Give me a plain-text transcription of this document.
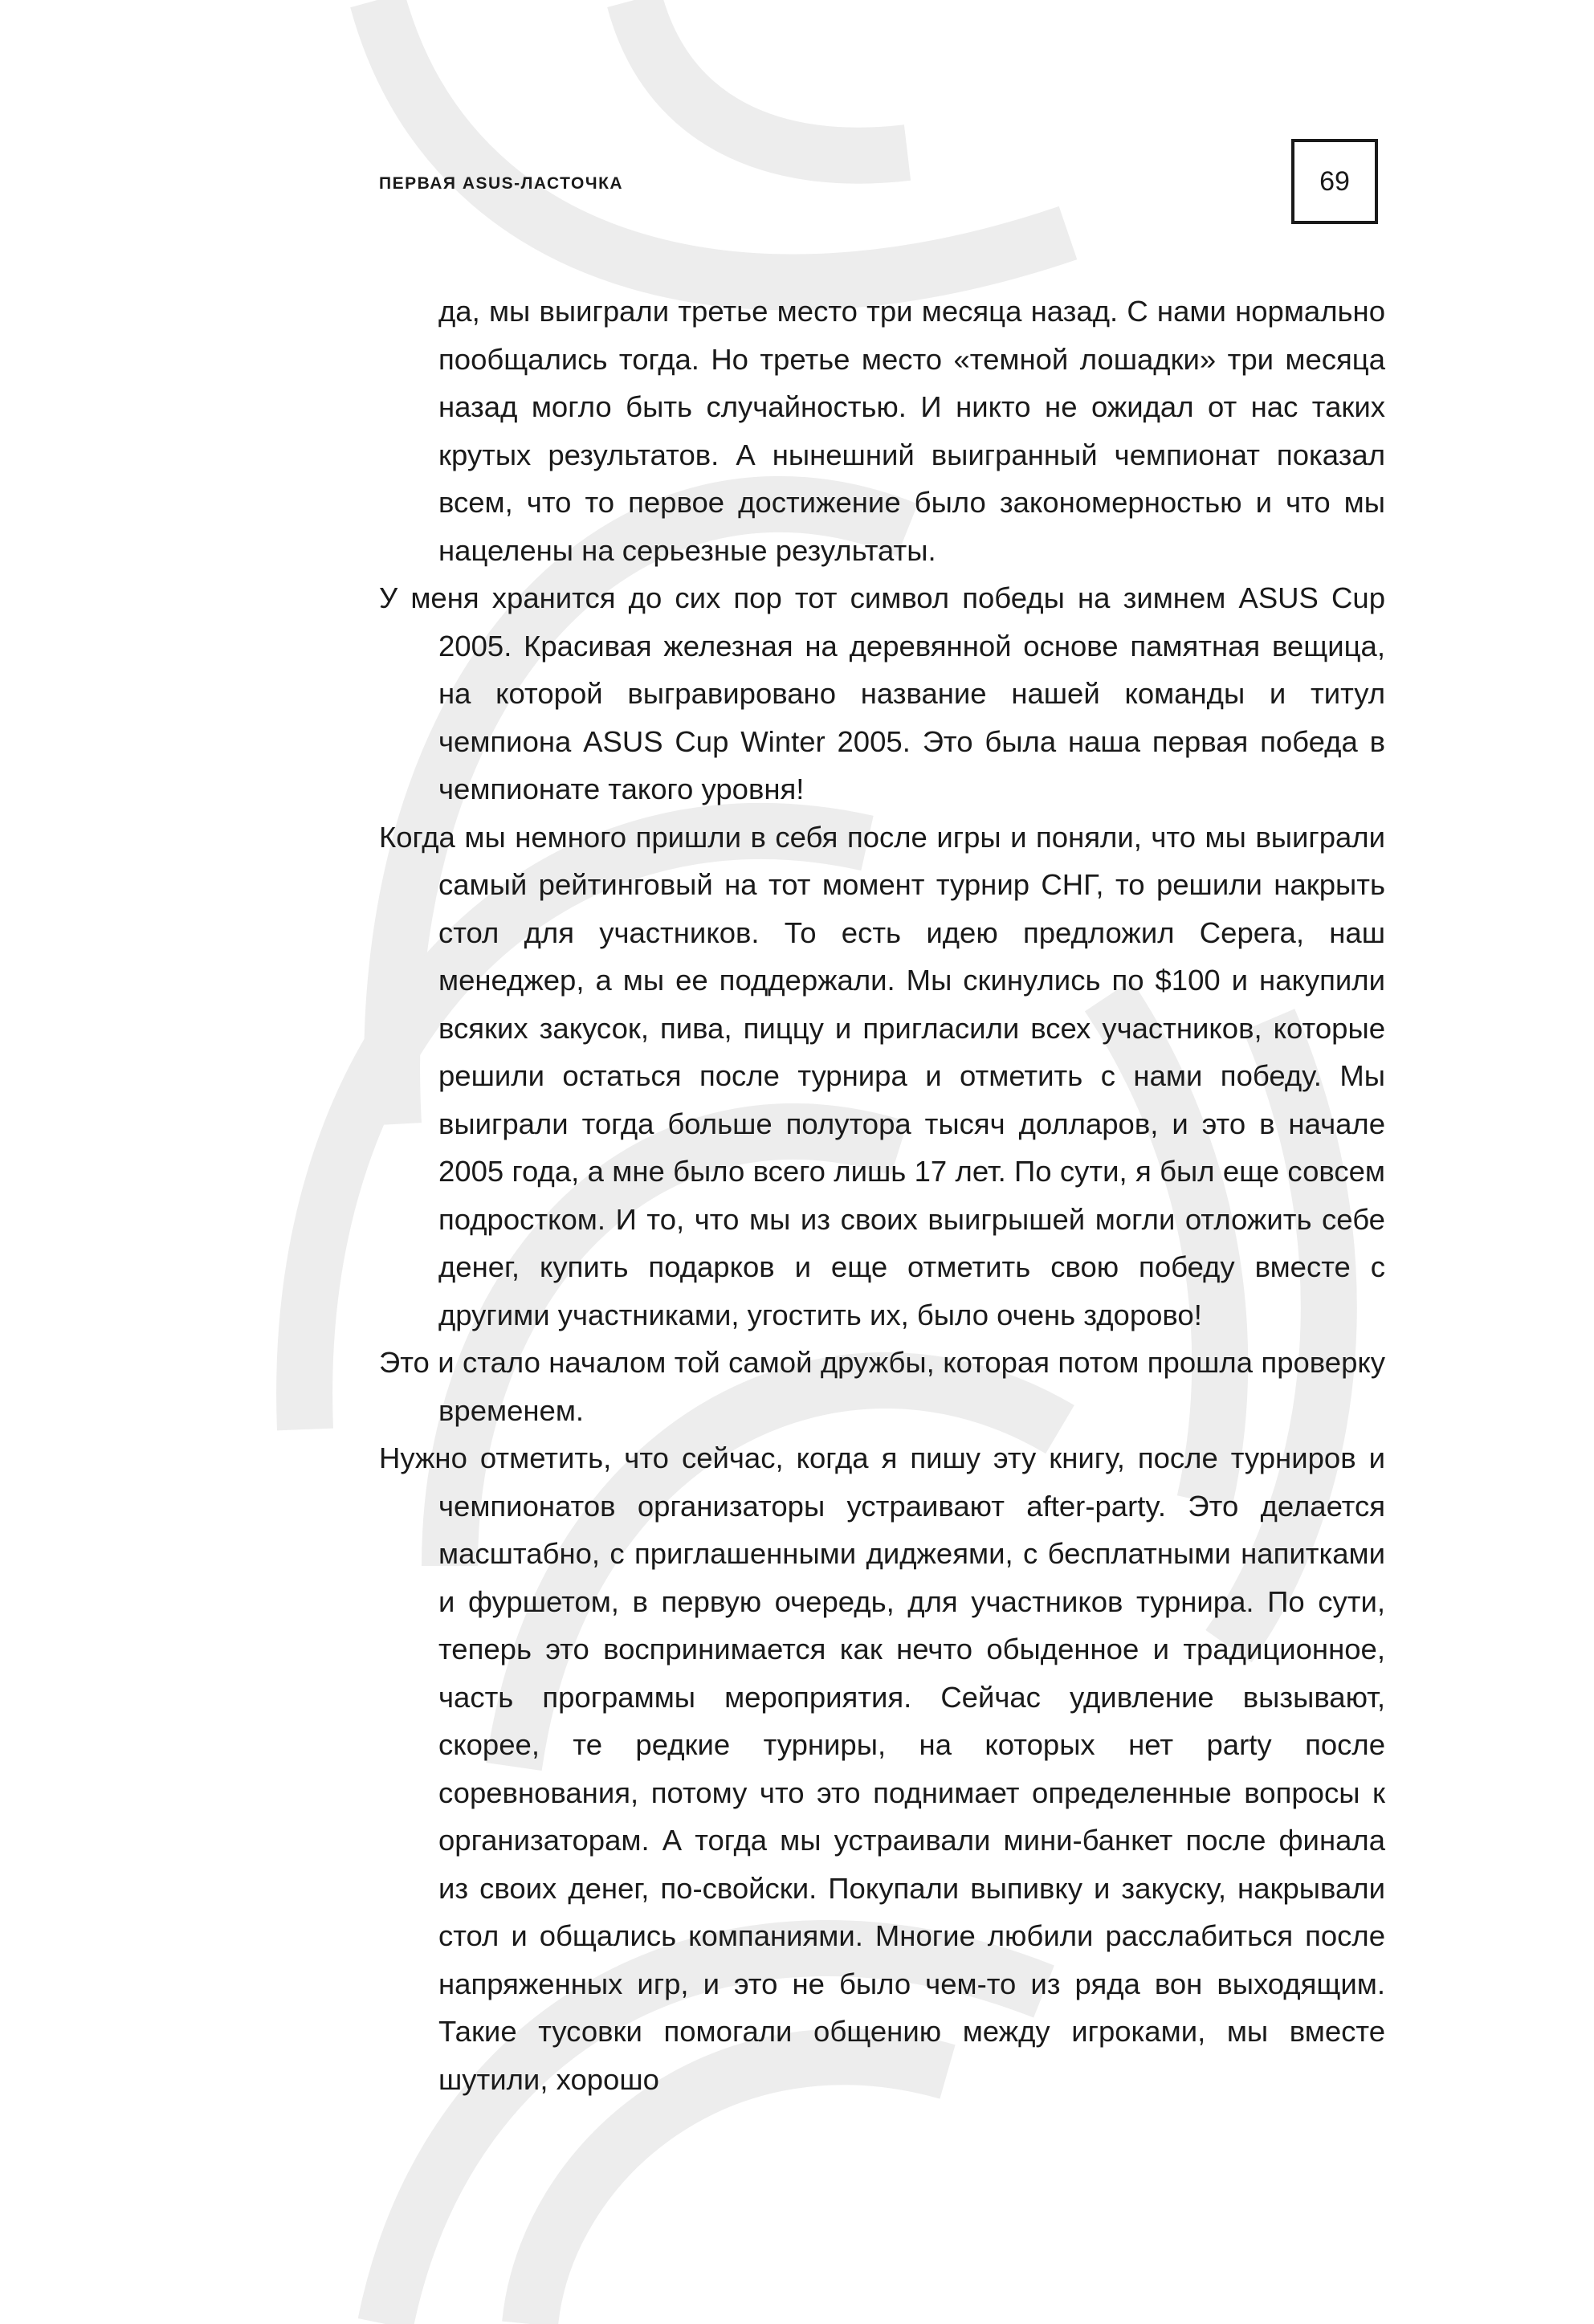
ПЕРВАЯ ASUS-ЛАСТОЧКА	69

да, мы выиграли третье место три месяца назад. С нами нормально пообщались тогда. Но третье место «темной лошадки» три месяца назад могло быть случайностью. И никто не ожидал от нас таких крутых результатов. А нынешний выигранный чемпионат показал всем, что то первое достижение было закономерностью и что мы нацелены на серьезные результаты.

У меня хранится до сих пор тот символ победы на зимнем ASUS Cup 2005. Красивая железная на деревянной основе памятная вещица, на которой выгравировано название нашей команды и титул чемпиона ASUS Cup Winter 2005. Это была наша первая победа в чемпионате такого уровня!

Когда мы немного пришли в себя после игры и поняли, что мы выиграли самый рейтинговый на тот момент турнир СНГ, то решили накрыть стол для участников. То есть идею предложил Серега, наш менеджер, а мы ее поддержали. Мы скинулись по $100 и накупили всяких закусок, пива, пиццу и пригласили всех участников, которые решили остаться после турнира и отметить с нами победу. Мы выиграли тогда больше полутора тысяч долларов, и это в начале 2005 года, а мне было всего лишь 17 лет. По сути, я был еще совсем подростком. И то, что мы из своих выигрышей могли отложить себе денег, купить подарков и еще отметить свою победу вместе с другими участниками, угостить их, было очень здорово!

Это и стало началом той самой дружбы, которая потом прошла проверку временем.

Нужно отметить, что сейчас, когда я пишу эту книгу, после турниров и чемпионатов организаторы устраивают after-party. Это делается масштабно, с приглашенными диджеями, с бесплатными напитками и фуршетом, в первую очередь, для участников турнира. По сути, теперь это воспринимается как нечто обыденное и традиционное, часть программы мероприятия. Сейчас удивление вызывают, скорее, те редкие турниры, на которых нет party после соревнования, потому что это поднимает определенные вопросы к организаторам. А тогда мы устраивали мини-банкет после финала из своих денег, по-свойски. Покупали выпивку и закуску, накрывали стол и общались компаниями. Многие любили расслабиться после напряженных игр, и это не было чем-то из ряда вон выходящим. Такие тусовки помогали общению между игроками, мы вместе шутили, хорошо
